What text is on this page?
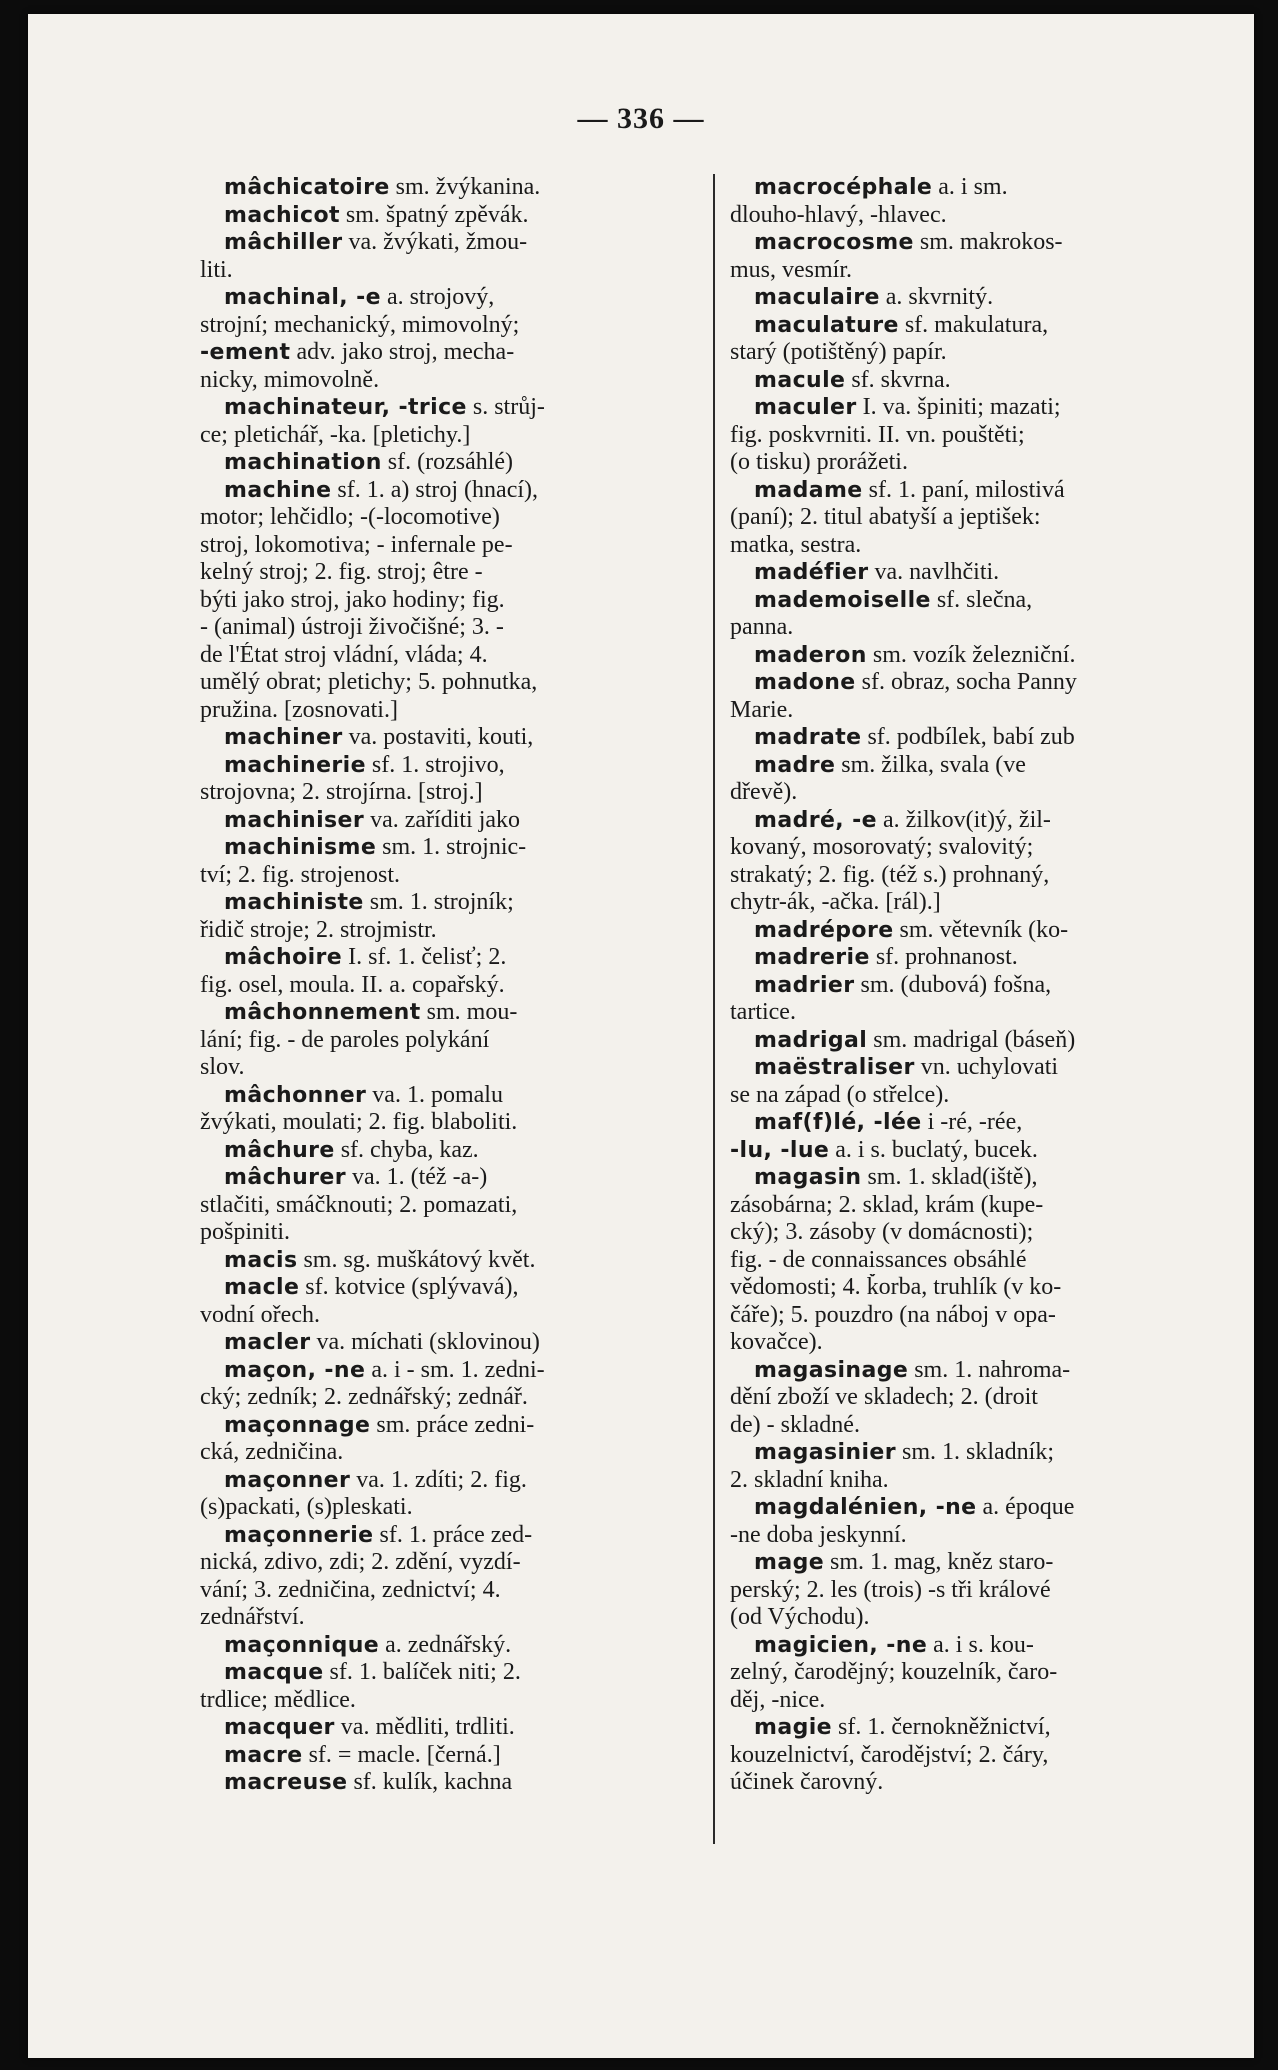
— 336 —
mâchicatoire sm. žvýkanina.
machicot sm. špatný zpěvák.
mâchiller va. žvýkati, žmou-
liti.
machinal, -e a. strojový,
strojní; mechanický, mimovolný;
-ement adv. jako stroj, mecha-
nicky, mimovolně.
machinateur, -trice s. strůj-
ce; pletichář, -ka. [pletichy.]
machination sf. (rozsáhlé)
machine sf. 1. a) stroj (hnací),
motor; lehčidlo; -(-locomotive)
stroj, lokomotiva; - infernale pe-
kelný stroj; 2. fig. stroj; être -
býti jako stroj, jako hodiny; fig.
- (animal) ústroji živočišné; 3. -
de l'État stroj vládní, vláda; 4.
umělý obrat; pletichy; 5. pohnutka,
pružina. [zosnovati.]
machiner va. postaviti, kouti,
machinerie sf. 1. strojivo,
strojovna; 2. strojírna. [stroj.]
machiniser va. zaříditi jako
machinisme sm. 1. strojnic-
tví; 2. fig. strojenost.
machiniste sm. 1. strojník;
řidič stroje; 2. strojmistr.
mâchoire I. sf. 1. čelisť; 2.
fig. osel, moula. II. a. copařský.
mâchonnement sm. mou-
lání; fig. - de paroles polykání
slov.
mâchonner va. 1. pomalu
žvýkati, moulati; 2. fig. blaboliti.
mâchure sf. chyba, kaz.
mâchurer va. 1. (též -a-)
stlačiti, smáčknouti; 2. pomazati,
pošpiniti.
macis sm. sg. muškátový květ.
macle sf. kotvice (splývavá),
vodní ořech.
macler va. míchati (sklovinou)
maçon, -ne a. i - sm. 1. zedni-
cký; zedník; 2. zednářský; zednář.
maçonnage sm. práce zedni-
cká, zedničina.
maçonner va. 1. zdíti; 2. fig.
(s)packati, (s)pleskati.
maçonnerie sf. 1. práce zed-
nická, zdivo, zdi; 2. zdění, vyzdí-
vání; 3. zedničina, zednictví; 4.
zednářství.
maçonnique a. zednářský.
macque sf. 1. balíček niti; 2.
trdlice; mědlice.
macquer va. mědliti, trdliti.
macre sf. = macle. [černá.]
macreuse sf. kulík, kachna
macrocéphale a. i sm.
dlouho-hlavý, -hlavec.
macrocosme sm. makrokos-
mus, vesmír.
maculaire a. skvrnitý.
maculature sf. makulatura,
starý (potištěný) papír.
macule sf. skvrna.
maculer I. va. špiniti; mazati;
fig. poskvrniti. II. vn. pouštěti;
(o tisku) prorážeti.
madame sf. 1. paní, milostivá
(paní); 2. titul abatyší a jeptišek:
matka, sestra.
madéfier va. navlhčiti.
mademoiselle sf. slečna,
panna.
maderon sm. vozík železniční.
madone sf. obraz, socha Panny
Marie.
madrate sf. podbílek, babí zub
madre sm. žilka, svala (ve
dřevě).
madré, -e a. žilkov(it)ý, žil-
kovaný, mosorovatý; svalovitý;
strakatý; 2. fig. (též s.) prohnaný,
chytr-ák, -ačka. [rál).]
madrépore sm. větevník (ko-
madrerie sf. prohnanost.
madrier sm. (dubová) fošna,
tartice.
madrigal sm. madrigal (báseň)
maëstraliser vn. uchylovati
se na západ (o střelce).
maf(f)lé, -lée i -ré, -rée,
-lu, -lue a. i s. buclatý, bucek.
magasin sm. 1. sklad(iště),
zásobárna; 2. sklad, krám (kupe-
cký); 3. zásoby (v domácnosti);
fig. - de connaissances obsáhlé
vědomosti; 4. ǩorba, truhlík (v ko-
čáře); 5. pouzdro (na náboj v opa-
kovačce).
magasinage sm. 1. nahroma-
dění zboží ve skladech; 2. (droit
de) - skladné.
magasinier sm. 1. skladník;
2. skladní kniha.
magdalénien, -ne a. époque
-ne doba jeskynní.
mage sm. 1. mag, kněz staro-
perský; 2. les (trois) -s tři králové
(od Východu).
magicien, -ne a. i s. kou-
zelný, čarodějný; kouzelník, čaro-
děj, -nice.
magie sf. 1. černokněžnictví,
kouzelnictví, čarodějství; 2. čáry,
účinek čarovný.
